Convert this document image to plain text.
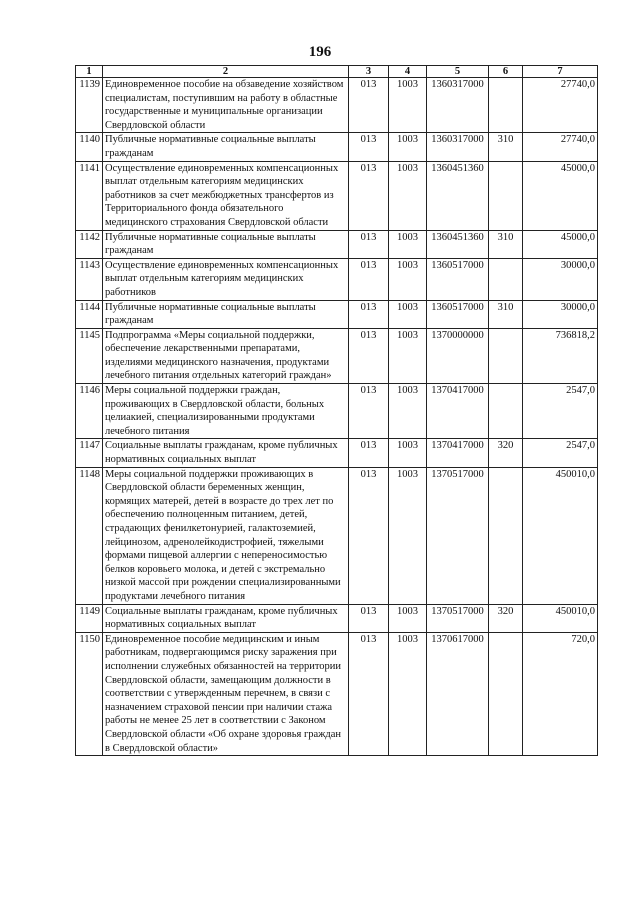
196
1	2	3	4	5	6	7
1139	Единовременное пособие на обзаведение хозяйством специалистам, поступившим на работу в областные государственные и муниципальные организации Свердловской области	013	1003	1360317000		27740,0
1140	Публичные нормативные социальные выплаты гражданам	013	1003	1360317000	310	27740,0
1141	Осуществление единовременных компенсационных выплат отдельным категориям медицинских работников за счет межбюджетных трансфертов из Территориального фонда обязательного медицинского страхования Свердловской области	013	1003	1360451360		45000,0
1142	Публичные нормативные социальные выплаты гражданам	013	1003	1360451360	310	45000,0
1143	Осуществление единовременных компенсационных выплат отдельным категориям медицинских работников	013	1003	1360517000		30000,0
1144	Публичные нормативные социальные выплаты гражданам	013	1003	1360517000	310	30000,0
1145	Подпрограмма «Меры социальной поддержки, обеспечение лекарственными препаратами, изделиями медицинского назначения, продуктами лечебного питания отдельных категорий граждан»	013	1003	1370000000		736818,2
1146	Меры социальной поддержки граждан, проживающих в Свердловской области, больных целиакией, специализированными продуктами лечебного питания	013	1003	1370417000		2547,0
1147	Социальные выплаты гражданам, кроме публичных нормативных социальных выплат	013	1003	1370417000	320	2547,0
1148	Меры социальной поддержки проживающих в Свердловской области беременных женщин, кормящих матерей, детей в возрасте до трех лет по обеспечению полноценным питанием, детей, страдающих фенилкетонурией, галактоземией, лейцинозом, адренолейкодистрофией, тяжелыми формами пищевой аллергии с непереносимостью белков коровьего молока, и детей с экстремально низкой массой при рождении специализированными продуктами лечебного питания	013	1003	1370517000		450010,0
1149	Социальные выплаты гражданам, кроме публичных нормативных социальных выплат	013	1003	1370517000	320	450010,0
1150	Единовременное пособие медицинским и иным работникам, подвергающимся риску заражения при исполнении служебных обязанностей на территории Свердловской области, замещающим должности в соответствии с утвержденным перечнем, в связи с назначением страховой пенсии при наличии стажа работы не менее 25 лет в соответствии с Законом Свердловской области «Об охране здоровья граждан в Свердловской области»	013	1003	1370617000		720,0
